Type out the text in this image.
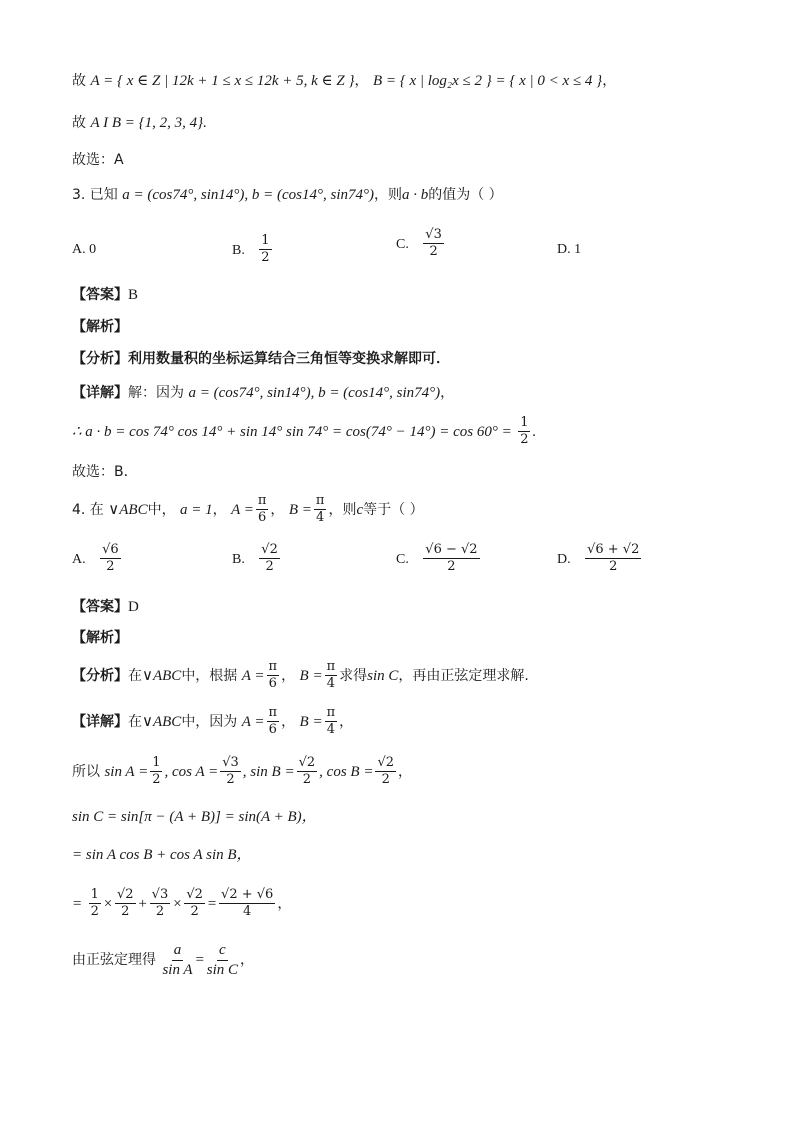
故 A = { x ∈ Z | 12k + 1 ≤ x ≤ 12k + 5, k ∈ Z }， B = { x | log₂x ≤ 2 } = { x | 0 < x ≤ 4 }，
故 A I B = {1, 2, 3, 4}.
故选：A
3. 已知 a = (cos74°, sin14°), b = (cos14°, sin74°)，则a · b的值为（ ）
A. 0	B. $\frac{1}{2}$	C. $\frac{√3}{2}$	D. 1
【答案】B
【解析】
【分析】利用数量积的坐标运算结合三角恒等变换求解即可．
【详解】解：因为 a = (cos74°, sin14°), b = (cos14°, sin74°)，
∴ a · b = cos 74° cos 14° + sin 14° $\sin 74^\circ = \cos(74^\circ - 14^\circ) = \cos 60^\circ = \frac{1}{2}$ .
故选：B．
4. 在 ∨ABC中， a = 1， $A = \frac{\pi}{6}$ ， $B = \frac{\pi}{4}$ ，则c等于（ ）
A. $\frac{√6}{2}$	B. $\frac{√2}{2}$	C. $\frac{√6 - √2}{2}$	D. $\frac{√6 + √2}{2}$
【答案】D
【解析】
【分析】在∨ABC中，根据 $A = \frac{\pi}{6}$ ， $B = \frac{\pi}{4}$ 求得sin C，再由正弦定理求解.
【详解】在∨ABC中，因为 $A = \frac{\pi}{6}$ ， $B = \frac{\pi}{4}$ ，
所以 $\sin A = \frac{1}{2}$ , $\cos A = \frac{√3}{2}$ , $\sin B = \frac{√2}{2}$ , $\cos B = \frac{√2}{2}$ ，
sin C = sin[π − (A + B)] = sin(A + B)，
= sin A cos B + cos A sin B，
= $\frac{1}{2} \times \frac{√2}{2} + \frac{√3}{2} \times \frac{√2}{2} = \frac{√2 + √6}{4}$ ，
由正弦定理得 $\frac{a}{\text{sin A}} = \frac{c}{\text{sin C}}$ ，
